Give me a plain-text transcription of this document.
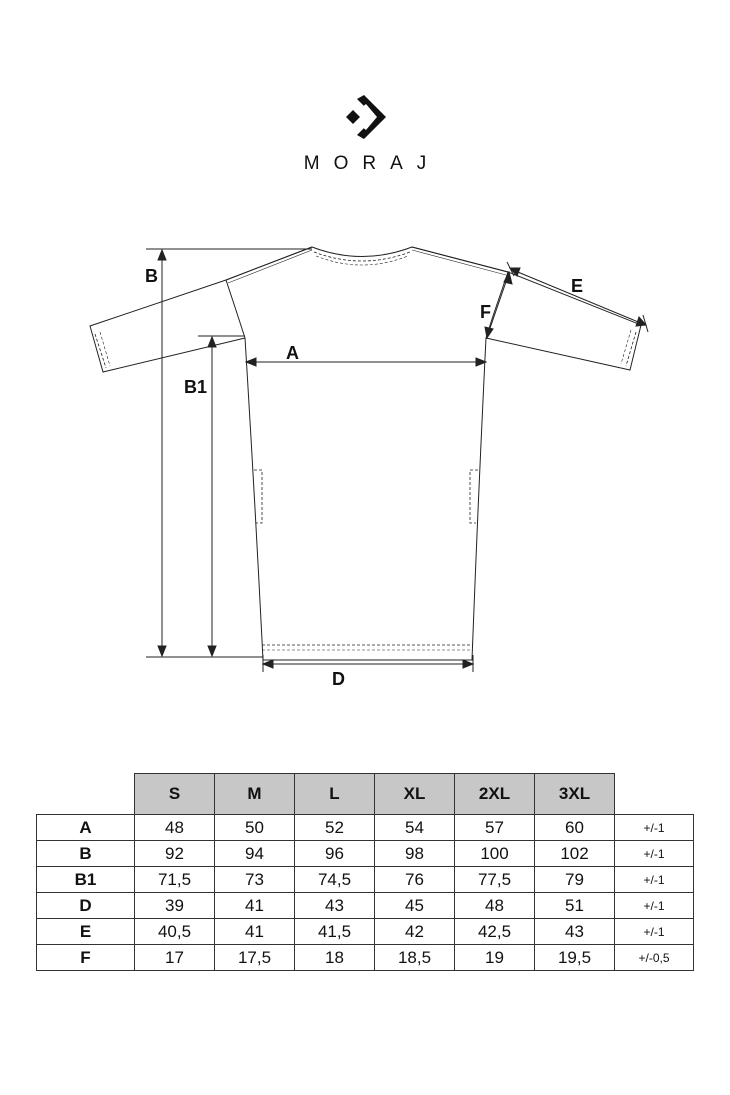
MORAJ
B
B1
A
D
E
F
	S	M	L	XL	2XL	3XL	
A	48	50	52	54	57	60	+/-1
B	92	94	96	98	100	102	+/-1
B1	71,5	73	74,5	76	77,5	79	+/-1
D	39	41	43	45	48	51	+/-1
E	40,5	41	41,5	42	42,5	43	+/-1
F	17	17,5	18	18,5	19	19,5	+/-0,5
